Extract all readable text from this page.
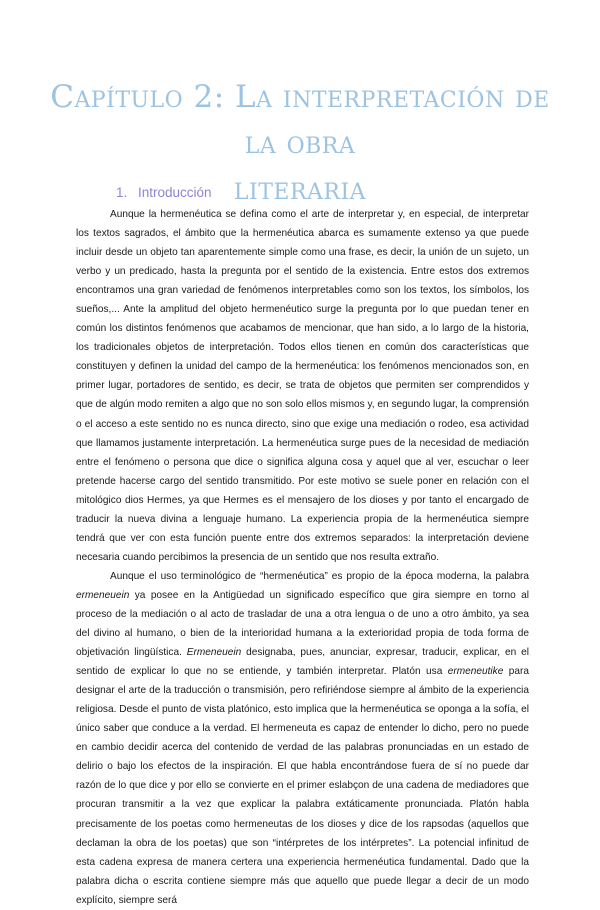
Capítulo 2: La interpretación de la obra
literaria
1. Introducción

Aunque la hermenéutica se defina como el arte de interpretar y, en especial, de interpretar los textos sagrados, el ámbito que la hermenéutica abarca es sumamente extenso ya que puede incluir desde un objeto tan aparentemente simple como una frase, es decir, la unión de un sujeto, un verbo y un predicado, hasta la pregunta por el sentido de la existencia. Entre estos dos extremos encontramos una gran variedad de fenómenos interpretables como son los textos, los símbolos, los sueños,... Ante la amplitud del objeto hermenéutico surge la pregunta por lo que puedan tener en común los distintos fenómenos que acabamos de mencionar, que han sido, a lo largo de la historia, los tradicionales objetos de interpretación. Todos ellos tienen en común dos características que constituyen y definen la unidad del campo de la hermenéutica: los fenómenos mencionados son, en primer lugar, portadores de sentido, es decir, se trata de objetos que permiten ser comprendidos y que de algún modo remiten a algo que no son solo ellos mismos y, en segundo lugar, la comprensión o el acceso a este sentido no es nunca directo, sino que exige una mediación o rodeo, esa actividad que llamamos justamente interpretación. La hermenéutica surge pues de la necesidad de mediación entre el fenómeno o persona que dice o significa alguna cosa y aquel que al ver, escuchar o leer pretende hacerse cargo del sentido transmitido. Por este motivo se suele poner en relación con el mitológico dios Hermes, ya que Hermes es el mensajero de los dioses y por tanto el encargado de traducir la nueva divina a lenguaje humano. La experiencia propia de la hermenéutica siempre tendrá que ver con esta función puente entre dos extremos separados: la interpretación deviene necesaria cuando percibimos la presencia de un sentido que nos resulta extraño.

Aunque el uso terminológico de “hermenéutica” es propio de la época moderna, la palabra ermeneuein ya posee en la Antigüedad un significado específico que gira siempre en torno al proceso de la mediación o al acto de trasladar de una a otra lengua o de uno a otro ámbito, ya sea del divino al humano, o bien de la interioridad humana a la exterioridad propia de toda forma de objetivación lingüística. Ermeneuein designaba, pues, anunciar, expresar, traducir, explicar, en el sentido de explicar lo que no se entiende, y también interpretar. Platón usa ermeneutike para designar el arte de la traducción o transmisión, pero refiriéndose siempre al ámbito de la experiencia religiosa. Desde el punto de vista platónico, esto implica que la hermenéutica se oponga a la sofía, el único saber que conduce a la verdad. El hermeneuta es capaz de entender lo dicho, pero no puede en cambio decidir acerca del contenido de verdad de las palabras pronunciadas en un estado de delirio o bajo los efectos de la inspiración. El que habla encontrándose fuera de sí no puede dar razón de lo que dice y por ello se convierte en el primer eslabçon de una cadena de mediadores que procuran transmitir a la vez que explicar la palabra extáticamente pronunciada. Platón habla precisamente de los poetas como hermeneutas de los dioses y dice de los rapsodas (aquellos que declaman la obra de los poetas) que son “intérpretes de los intérpretes”. La potencial infinitud de esta cadena expresa de manera certera una experiencia hermenéutica fundamental. Dado que la palabra dicha o escrita contiene siempre más que aquello que puede llegar a decir de un modo explícito, siempre será
